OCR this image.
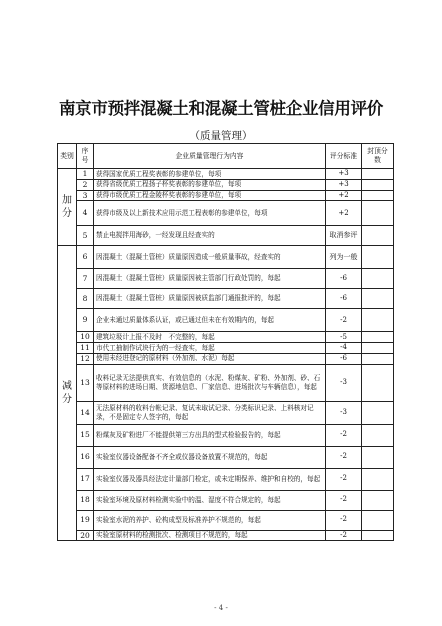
南京市预拌混凝土和混凝土管桩企业信用评价
（质量管理）
类别	序号	企业质量管理行为内容	评分标准	封顶分数
加分	1	获得国家优质工程奖表彰的参建单位，每项	+3	
	2	获得省级优质工程扬子杯奖表彰的参建单位，每项	+3	
	3	获得市级优质工程金陵杯奖表彰的参建单位，每项	+2	
	4	获得市级及以上新技术应用示范工程表彰的参建单位，每项	+2	
	5	禁止电搅拌用海砂，一经发现且经查实的	取消参评	
减分	6	因混凝土（混凝土管桩）质量原因造成一般质量事故，经查实的	列为一般	
	7	因混凝土（混凝土管桩）质量原因被主管部门行政处罚的，每起	-6	
	8	因混凝土（混凝土管桩）质量原因被质监部门通报批评的，每起	-6	
	9	企业未通过质量体系认证，或已通过但未在有效期内的，每起	-2	
	10	建筑垃圾计上报不及时　不完整的，每起	-5	
	11	市代工抽制作试块行为的一经查实，每起	-4	
	12	使用未经进登记的原材料（外加剂、水泥）每起	-6	
	13	收料记录无法提供真实、有效信息的（水泥、粉煤灰、矿粉、外加剂、砂、石等原材料的进场日期、货源地信息、厂家信息、进场批次与车辆信息），每起	-3	
	14	无法原材料的收料台帐记录、复试未取试记录、分类标识记录、上料核对记录，不是固定专人签字的，每起	-3	
	15	粉煤灰及矿粉进厂不能提供第三方出具的型式检验报告的，每起	-2	
	16	实验室仪器设备配备不齐全或仪器设备放置不规范的，每起	-2	
	17	实验室仪器及器具经法定计量部门检定，或未定期保养、维护和自校的，每起	-2	
	18	实验室环境及原材料检测实验中的温、湿度不符合规定的，每起	-2	
	19	实验室水泥的养护、砼构成型及标准养护不规范的，每起	-2	
	20	实验室原材料的检测批次、检测项目不规范的，每起	-2	
- 4 -
